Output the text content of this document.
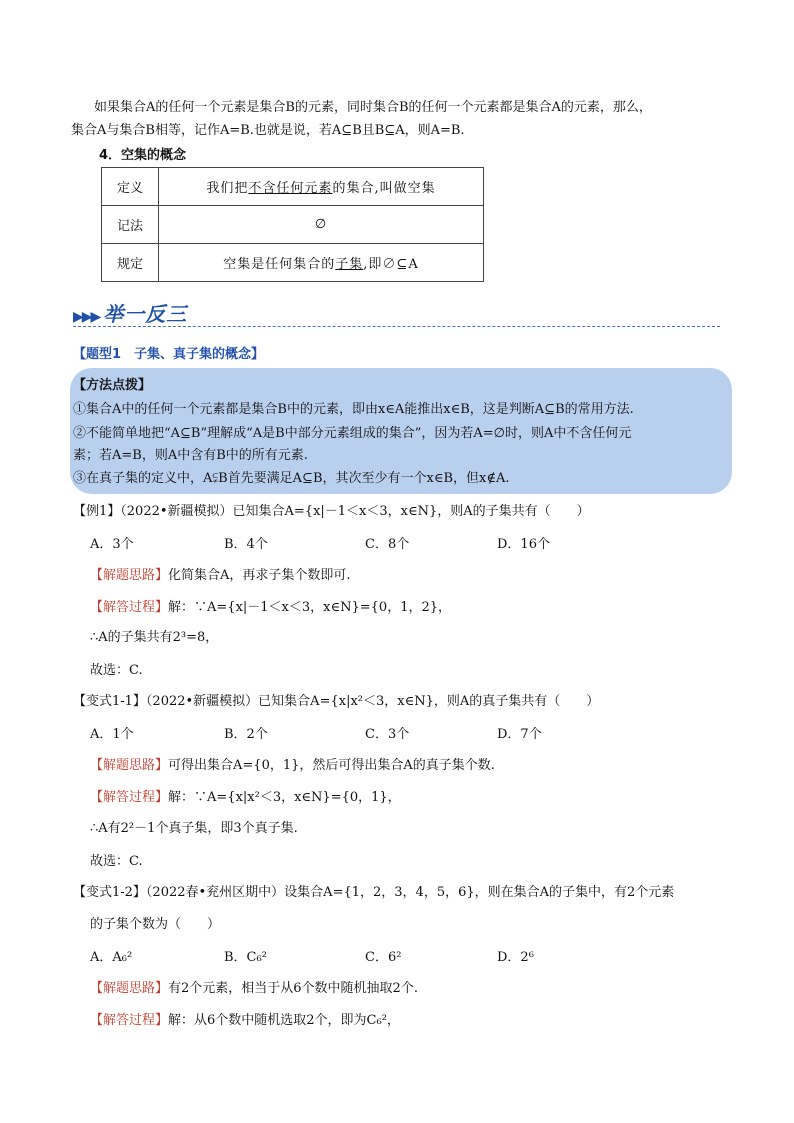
如果集合A的任何一个元素是集合B的元素，同时集合B的任何一个元素都是集合A的元素，那么，
集合A与集合B相等，记作A=B.也就是说，若A⊆B且B⊆A，则A=B.
4．空集的概念
定义	我们把不含任何元素的集合,叫做空集
记法	∅
规定	空集是任何集合的子集,即∅⊆A
▶▶▶ 举一反三
【题型1　子集、真子集的概念】
【方法点拨】
①集合A中的任何一个元素都是集合B中的元素，即由x∈A能推出x∈B，这是判断A⊆B的常用方法.
②不能简单地把“A⊆B”理解成“A是B中部分元素组成的集合”，因为若A=∅时，则A中不含任何元
素；若A=B，则A中含有B中的所有元素.
③在真子集的定义中，A⫋B首先要满足A⊆B，其次至少有一个x∈B，但x∉A.
【例1】（2022•新疆模拟）已知集合A={x|－1＜x＜3，x∈N}，则A的子集共有（　　）
A．3个	B．4个	C．8个	D．16个
【解题思路】化简集合A，再求子集个数即可.
【解答过程】解：∵A={x|－1＜x＜3，x∈N}={0，1，2}，
∴A的子集共有2³=8，
故选：C.
【变式1-1】（2022•新疆模拟）已知集合A={x|x²＜3，x∈N}，则A的真子集共有（　　）
A．1个	B．2个	C．3个	D．7个
【解题思路】可得出集合A={0，1}，然后可得出集合A的真子集个数.
【解答过程】解：∵A={x|x²＜3，x∈N}={0，1}，
∴A有2²－1个真子集，即3个真子集.
故选：C.
【变式1-2】（2022春•兖州区期中）设集合A={1，2，3，4，5，6}，则在集合A的子集中，有2个元素
的子集个数为（　　）
A．A₆²	B．C₆²	C．6²	D．2⁶
【解题思路】有2个元素，相当于从6个数中随机抽取2个.
【解答过程】解：从6个数中随机选取2个，即为C₆²，
